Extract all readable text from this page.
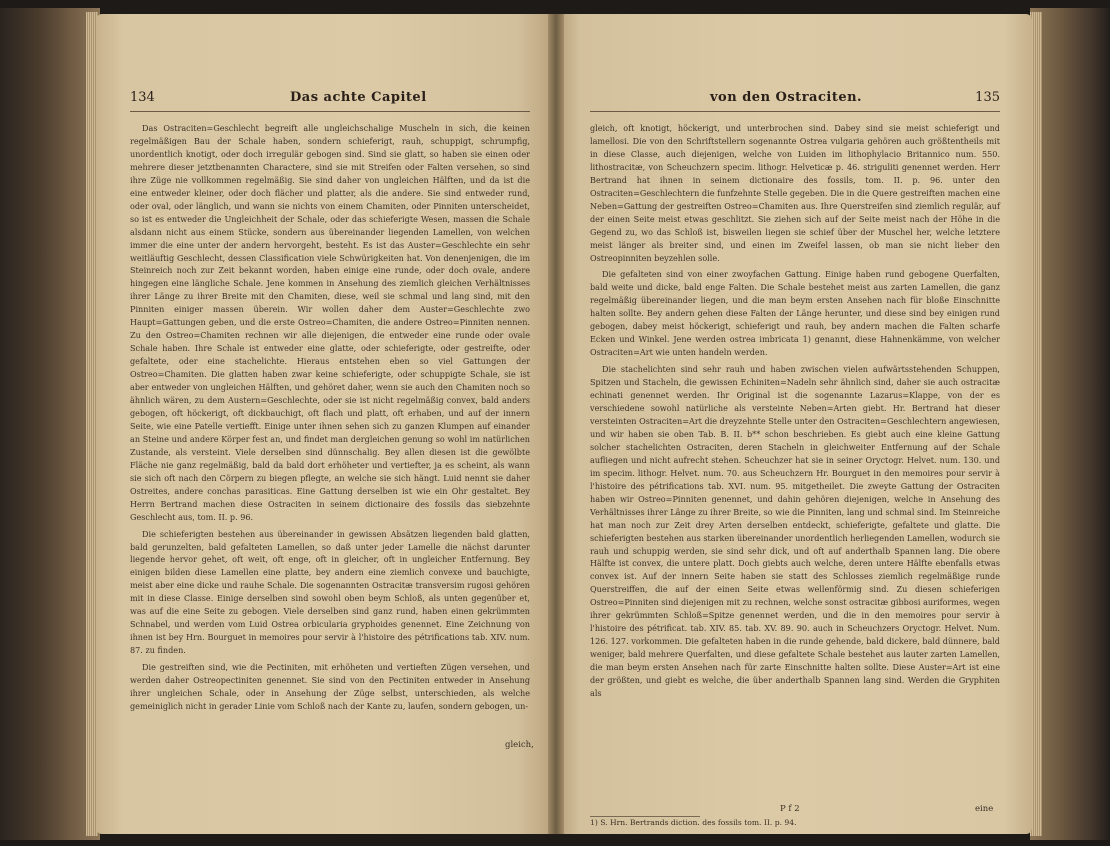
134	Das achte Capitel

Das Ostraciten=Geschlecht begreift alle ungleichschalige Muscheln in sich, die keinen regelmäßigen Bau der Schale haben, sondern schieferigt, rauh, schuppigt, schrumpfig, unordentlich knotigt, oder doch irregulär gebogen sind. Sind sie glatt, so haben sie einen oder mehrere dieser jetztbenannten Charactere, sind sie mit Streifen oder Falten versehen, so sind ihre Züge nie vollkommen regelmäßig. Sie sind daher von ungleichen Hälften, und da ist die eine entweder kleiner, oder doch flächer und platter, als die andere. Sie sind entweder rund, oder oval, oder länglich, und wann sie nichts von einem Chamiten, oder Pinniten unterscheidet, so ist es entweder die Ungleichheit der Schale, oder das schieferigte Wesen, massen die Schale alsdann nicht aus einem Stücke, sondern aus übereinander liegenden Lamellen, von welchen immer die eine unter der andern hervorgeht, besteht. Es ist das Auster=Geschlechte ein sehr weitläuftig Geschlecht, dessen Classification viele Schwürigkeiten hat. Von denenjenigen, die im Steinreich noch zur Zeit bekannt worden, haben einige eine runde, oder doch ovale, andere hingegen eine längliche Schale. Jene kommen in Ansehung des ziemlich gleichen Verhältnisses ihrer Länge zu ihrer Breite mit den Chamiten, diese, weil sie schmal und lang sind, mit den Pinniten einiger massen überein. Wir wollen daher dem Auster=Geschlechte zwo Haupt=Gattungen geben, und die erste Ostreo=Chamiten, die andere Ostreo=Pinniten nennen. Zu den Ostreo=Chamiten rechnen wir alle diejenigen, die entweder eine runde oder ovale Schale haben. Ihre Schale ist entweder eine glatte, oder schieferigte, oder gestreifte, oder gefaltete, oder eine stachelichte. Hieraus entstehen eben so viel Gattungen der Ostreo=Chamiten. Die glatten haben zwar keine schieferigte, oder schuppigte Schale, sie ist aber entweder von ungleichen Hälften, und gehöret daher, wenn sie auch den Chamiten noch so ähnlich wären, zu dem Austern=Geschlechte, oder sie ist nicht regelmäßig convex, bald anders gebogen, oft höckerigt, oft dickbauchigt, oft flach und platt, oft erhaben, und auf der innern Seite, wie eine Patelle vertiefft. Einige unter ihnen sehen sich zu ganzen Klumpen auf einander an Steine und andere Körper fest an, und findet man dergleichen genung so wohl im natürlichen Zustande, als versteint. Viele derselben sind dünnschalig. Bey allen diesen ist die gewölbte Fläche nie ganz regelmäßig, bald da bald dort erhöheter und vertiefter, ja es scheint, als wann sie sich oft nach den Cörpern zu biegen pflegte, an welche sie sich hängt. Luid nennt sie daher Ostreites, andere conchas parasiticas. Eine Gattung derselben ist wie ein Ohr gestaltet. Bey Herrn Bertrand machen diese Ostraciten in seinem dictionaire des fossils das siebzehnte Geschlecht aus, tom. II. p. 96.

Die schieferigten bestehen aus übereinander in gewissen Absätzen liegenden bald glatten, bald gerunzelten, bald gefalteten Lamellen, so daß unter jeder Lamelle die nächst darunter liegende hervor gehet, oft weit, oft enge, oft in gleicher, oft in ungleicher Entfernung. Bey einigen bilden diese Lamellen eine platte, bey andern eine ziemlich convexe und bauchigte, meist aber eine dicke und rauhe Schale. Die sogenannten Ostracitæ transversim rugosi gehören mit in diese Classe. Einige derselben sind sowohl oben beym Schloß, als unten gegenüber et, was auf die eine Seite zu gebogen. Viele derselben sind ganz rund, haben einen gekrümmten Schnabel, und werden vom Luid Ostrea orbicularia gryphoides genennet. Eine Zeichnung von ihnen ist bey Hrn. Bourguet in memoires pour servir à l'histoire des pétrifications tab. XIV. num. 87. zu finden.

Die gestreiften sind, wie die Pectiniten, mit erhöheten und vertieften Zügen versehen, und werden daher Ostreopectiniten genennet. Sie sind von den Pectiniten entweder in Ansehung ihrer ungleichen Schale, oder in Ansehung der Züge selbst, unterschieden, als welche gemeiniglich nicht in gerader Linie vom Schloß nach der Kante zu, laufen, sondern gebogen, un-

gleich,
von den Ostraciten.	135

gleich, oft knotigt, höckerigt, und unterbrochen sind. Dabey sind sie meist schieferigt und lamellosi. Die von den Schriftstellern sogenannte Ostrea vulgaria gehören auch größtentheils mit in diese Classe, auch diejenigen, welche von Luiden im lithophylacio Britannico num. 550. lithostracitæ, von Scheuchzern specim. lithogr. Helveticæ p. 46. striguliti genennet werden. Herr Bertrand hat ihnen in seinem dictionaire des fossils, tom. II. p. 96. unter den Ostraciten=Geschlechtern die funfzehnte Stelle gegeben. Die in die Quere gestreiften machen eine Neben=Gattung der gestreiften Ostreo=Chamiten aus. Ihre Querstreifen sind ziemlich regulär, auf der einen Seite meist etwas geschlitzt. Sie ziehen sich auf der Seite meist nach der Höhe in die Gegend zu, wo das Schloß ist, bisweilen liegen sie schief über der Muschel her, welche letztere meist länger als breiter sind, und einen im Zweifel lassen, ob man sie nicht lieber den Ostreopinniten beyzehlen solle.

Die gefalteten sind von einer zwoyfachen Gattung. Einige haben rund gebogene Querfalten, bald weite und dicke, bald enge Falten. Die Schale bestehet meist aus zarten Lamellen, die ganz regelmäßig übereinander liegen, und die man beym ersten Ansehen nach für bloße Einschnitte halten sollte. Bey andern gehen diese Falten der Länge herunter, und diese sind bey einigen rund gebogen, dabey meist höckerigt, schieferigt und rauh, bey andern machen die Falten scharfe Ecken und Winkel. Jene werden ostrea imbricata 1) genannt, diese Hahnenkämme, von welcher Ostraciten=Art wie unten handeln werden.

Die stachelichten sind sehr rauh und haben zwischen vielen aufwärtsstehenden Schuppen, Spitzen und Stacheln, die gewissen Echiniten=Nadeln sehr ähnlich sind, daher sie auch ostracitæ echinati genennet werden. Ihr Original ist die sogenannte Lazarus=Klappe, von der es verschiedene sowohl natürliche als versteinte Neben=Arten giebt. Hr. Bertrand hat dieser versteinten Ostraciten=Art die dreyzehnte Stelle unter den Ostraciten=Geschlechtern angewiesen, und wir haben sie oben Tab. B. II. b** schon beschrieben. Es giebt auch eine kleine Gattung solcher stachelichten Ostraciten, deren Stacheln in gleichweiter Entfernung auf der Schale aufliegen und nicht aufrecht stehen. Scheuchzer hat sie in seiner Oryctogr. Helvet. num. 130. und im specim. lithogr. Helvet. num. 70. aus Scheuchzern Hr. Bourguet in den memoires pour servir à l'histoire des pétrifications tab. XVI. num. 95. mitgetheilet. Die zweyte Gattung der Ostraciten haben wir Ostreo=Pinniten genennet, und dahin gehören diejenigen, welche in Ansehung des Verhältnisses ihrer Länge zu ihrer Breite, so wie die Pinniten, lang und schmal sind. Im Steinreiche hat man noch zur Zeit drey Arten derselben entdeckt, schieferigte, gefaltete und glatte. Die schieferigten bestehen aus starken übereinander unordentlich herliegenden Lamellen, wodurch sie rauh und schuppig werden, sie sind sehr dick, und oft auf anderthalb Spannen lang. Die obere Hälfte ist convex, die untere platt. Doch giebts auch welche, deren untere Hälfte ebenfalls etwas convex ist. Auf der innern Seite haben sie statt des Schlosses ziemlich regelmäßige runde Querstreiffen, die auf der einen Seite etwas wellenförmig sind. Zu diesen schieferigen Ostreo=Pinniten sind diejenigen mit zu rechnen, welche sonst ostracitæ gibbosi auriformes, wegen ihrer gekrümmten Schloß=Spitze genennet werden, und die in den memoires pour servir à l'histoire des pétrificat. tab. XIV. 85. tab. XV. 89. 90. auch in Scheuchzers Oryctogr. Helvet. Num. 126. 127. vorkommen. Die gefalteten haben in die runde gehende, bald dickere, bald dünnere, bald weniger, bald mehrere Querfalten, und diese gefaltete Schale bestehet aus lauter zarten Lamellen, die man beym ersten Ansehen nach für zarte Einschnitte halten sollte. Diese Auster=Art ist eine der größten, und giebt es welche, die über anderthalb Spannen lang sind. Werden die Gryphiten als

P f 2	eine
1) S. Hrn. Bertrands diction. des fossils tom. II. p. 94.
